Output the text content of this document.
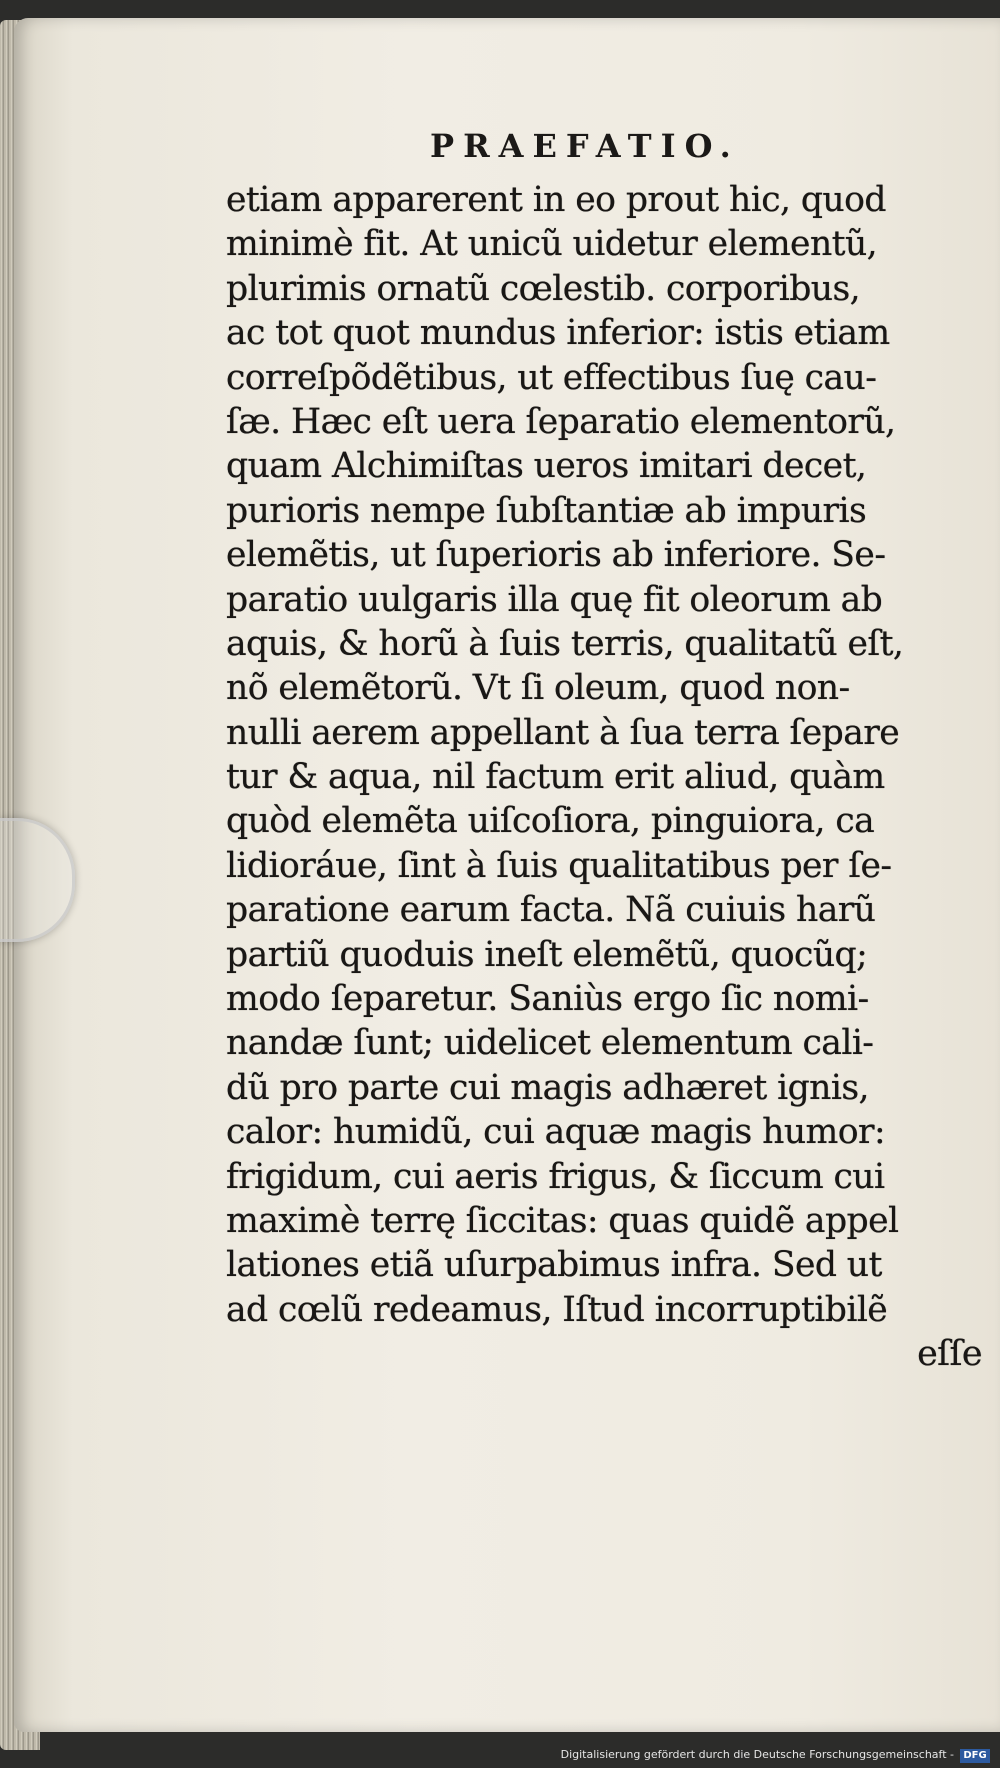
PRAEFATIO.
etiam apparerent in eo prout hic, quod
minimè fit. At unicũ uidetur elementũ,
plurimis ornatũ cœlestib. corporibus,
ac tot quot mundus inferior: istis etiam
correſpõdẽtibus, ut effectibus ſuę cau-
ſæ. Hæc eſt uera ſeparatio elementorũ,
quam Alchimiſtas ueros imitari decet,
purioris nempe ſubſtantiæ ab impuris
elemẽtis, ut ſuperioris ab inferiore. Se-
paratio uulgaris illa quę fit oleorum ab
aquis, & horũ à ſuis terris, qualitatũ eſt,
nõ elemẽtorũ. Vt ſi oleum, quod non-
nulli aerem appellant à ſua terra ſepare
tur & aqua, nil factum erit aliud, quàm
quòd elemẽta uiſcoſiora, pinguiora, ca
lidioráue, ſint à ſuis qualitatibus per ſe-
paratione earum facta. Nã cuiuis harũ
partiũ quoduis ineſt elemẽtũ, quocũq;
modo ſeparetur. Saniùs ergo ſic nomi-
nandæ ſunt; uidelicet elementum cali-
dũ pro parte cui magis adhæret ignis,
calor: humidũ, cui aquæ magis humor:
frigidum, cui aeris frigus, & ſiccum cui
maximè terrę ſiccitas: quas quidẽ appel
lationes etiã uſurpabimus infra. Sed ut
ad cœlũ redeamus, Iſtud incorruptibilẽ
eſſe
Digitalisierung gefördert durch die Deutsche Forschungsgemeinschaft - DFG
